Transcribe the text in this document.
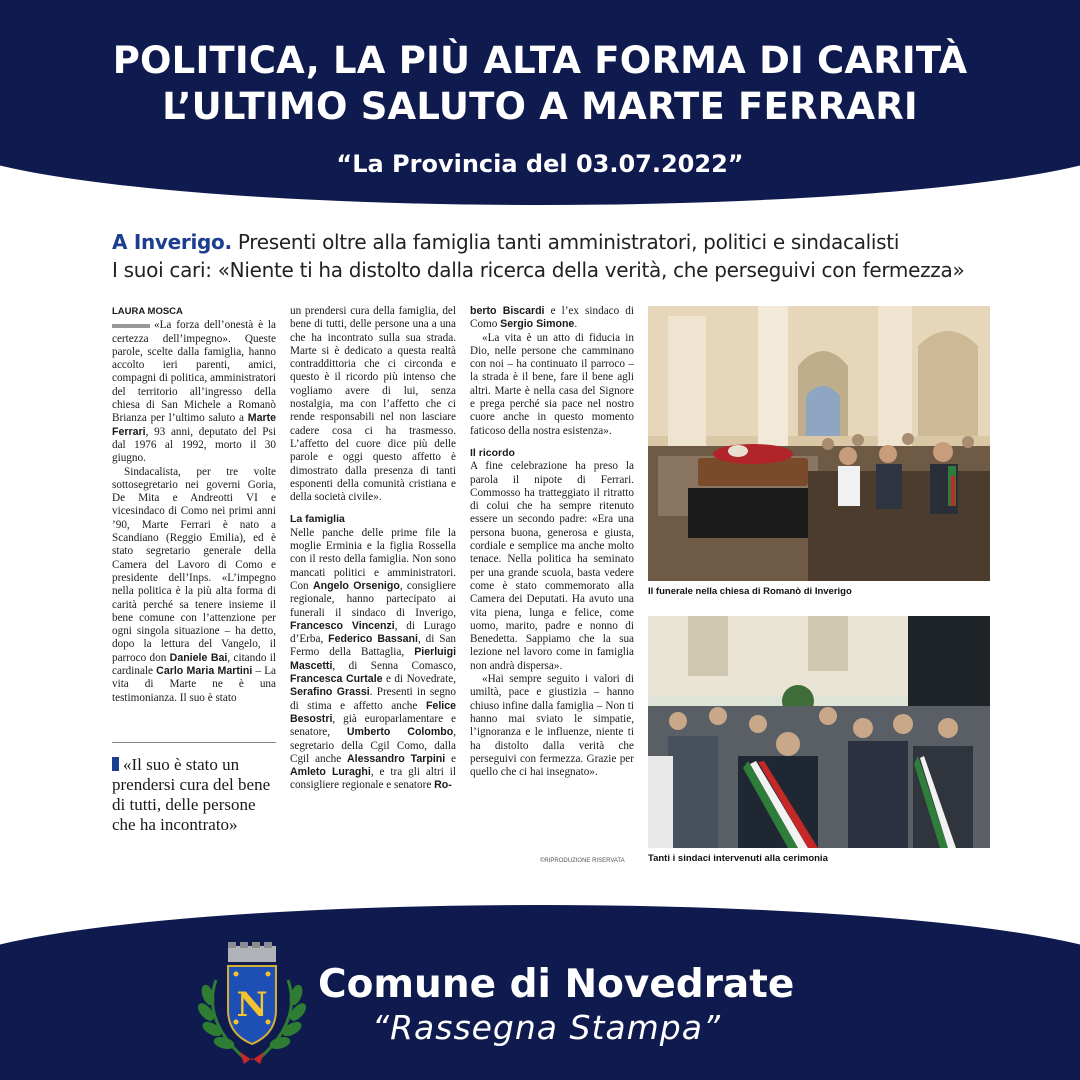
POLITICA, LA PIÙ ALTA FORMA DI CARITÀ
L’ULTIMO SALUTO A MARTE FERRARI
“La Provincia del 03.07.2022”
A Inverigo. Presenti oltre alla famiglia tanti amministratori, politici e sindacalisti
I suoi cari: «Niente ti ha distolto dalla ricerca della verità, che perseguivi con fermezza»
LAURA MOSCA

«La forza dell’onestà è la certezza dell’impegno». Queste parole, scelte dalla famiglia, hanno accolto ieri parenti, amici, compagni di politica, amministratori del territorio all’ingresso della chiesa di San Michele a Romanò Brianza per l’ultimo saluto a Marte Ferrari, 93 anni, deputato del Psi dal 1976 al 1992, morto il 30 giugno.

Sindacalista, per tre volte sottosegretario nei governi Goria, De Mita e Andreotti VI e vicesindaco di Como nei primi anni ’90, Marte Ferrari è nato a Scandiano (Reggio Emilia), ed è stato segretario generale della Camera del Lavoro di Como e presidente dell’Inps. «L’impegno nella politica è la più alta forma di carità perché sa tenere insieme il bene comune con l’attenzione per ogni singola situazione – ha detto, dopo la lettura del Vangelo, il parroco don Daniele Bai, citando il cardinale Carlo Maria Martini – La vita di Marte ne è una testimonianza. Il suo è stato

«Il suo è stato un prendersi cura del bene di tutti, delle persone che ha incontrato»

un prendersi cura della famiglia, del bene di tutti, delle persone una a una che ha incontrato sulla sua strada. Marte si è dedicato a questa realtà contraddittoria che ci circonda e questo è il ricordo più intenso che vogliamo avere di lui, senza nostalgia, ma con l’affetto che ci rende responsabili nel non lasciare cadere cosa ci ha trasmesso. L’affetto del cuore dice più delle parole e oggi questo affetto è dimostrato dalla presenza di tanti esponenti della comunità cristiana e della società civile».

La famiglia

Nelle panche delle prime file la moglie Erminia e la figlia Rossella con il resto della famiglia. Non sono mancati politici e amministratori. Con Angelo Orsenigo, consigliere regionale, hanno partecipato ai funerali il sindaco di Inverigo, Francesco Vincenzi, di Lurago d’Erba, Federico Bassani, di San Fermo della Battaglia, Pierluigi Mascetti, di Senna Comasco, Francesca Curtale e di Novedrate, Serafino Grassi. Presenti in segno di stima e affetto anche Felice Besostri, già europarlamentare e senatore, Umberto Colombo, segretario della Cgil Como, dalla Cgil anche Alessandro Tarpini e Amleto Luraghi, e tra gli altri il consigliere regionale e senatore Ro-

berto Biscardi e l’ex sindaco di Como Sergio Simone.

«La vita è un atto di fiducia in Dio, nelle persone che camminano con noi – ha continuato il parroco – la strada è il bene, fare il bene agli altri. Marte è nella casa del Signore e prega perché sia pace nel nostro cuore anche in questo momento faticoso della nostra esistenza».

Il ricordo

A fine celebrazione ha preso la parola il nipote di Ferrari. Commosso ha tratteggiato il ritratto di colui che ha sempre ritenuto essere un secondo padre: «Era una persona buona, generosa e giusta, cordiale e semplice ma anche molto tenace. Nella politica ha seminato per una grande scuola, basta vedere come è stato commemorato alla Camera dei Deputati. Ha avuto una vita piena, lunga e felice, come uomo, marito, padre e nonno di Benedetta. Sappiamo che la sua lezione nel lavoro come in famiglia non andrà dispersa».

«Hai sempre seguito i valori di umiltà, pace e giustizia – hanno chiuso infine dalla famiglia – Non ti hanno mai sviato le simpatie, l’ignoranza e le influenze, niente ti ha distolto dalla verità che perseguivi con fermezza. Grazie per quello che ci hai insegnato».

©RIPRODUZIONE RISERVATA
Il funerale nella chiesa di Romanò di Inverigo
Tanti i sindaci intervenuti alla cerimonia
N Comune di Novedrate
“Rassegna Stampa”
